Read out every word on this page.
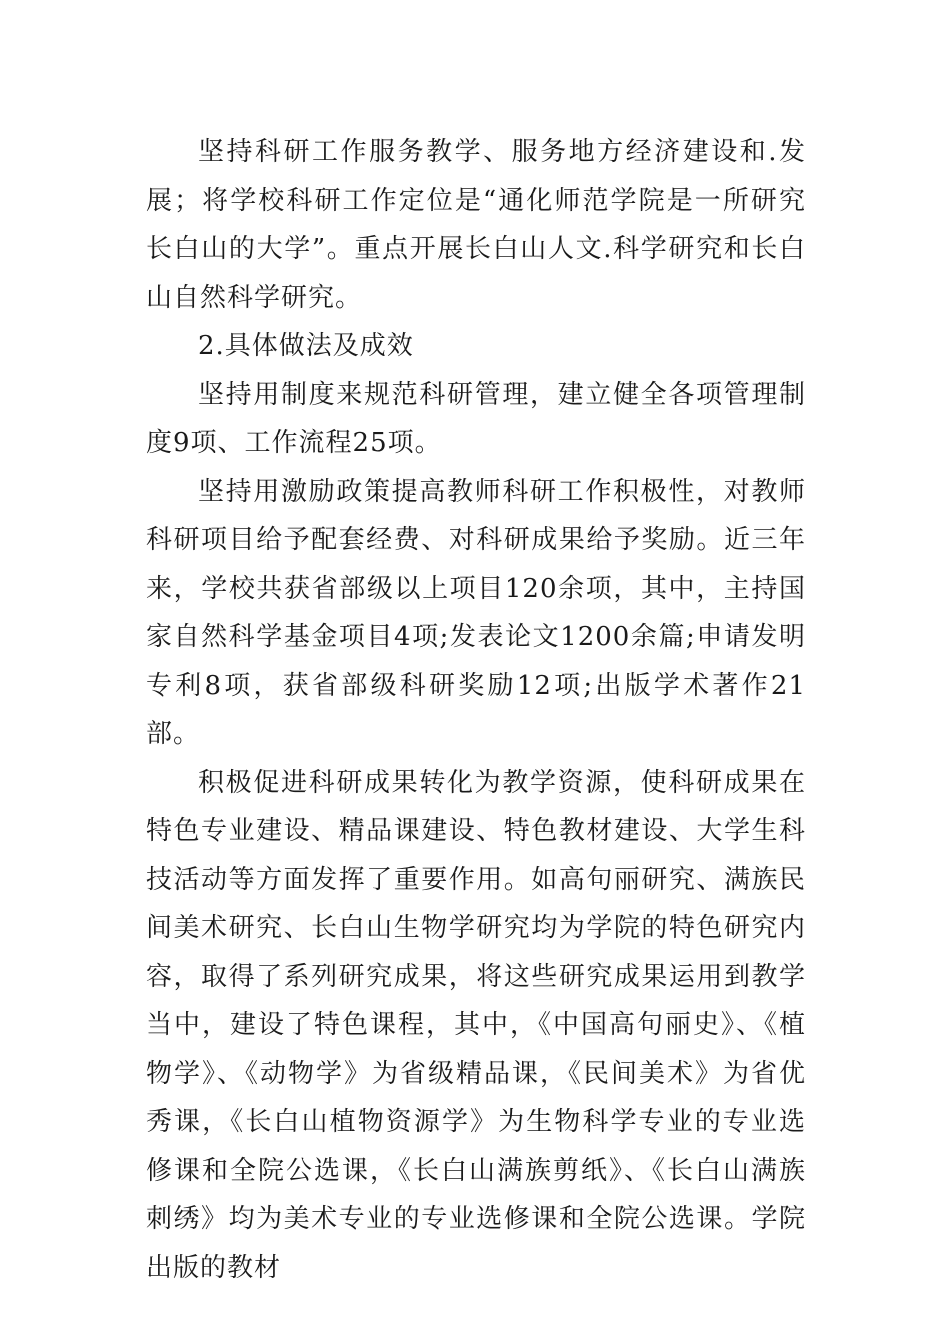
坚持科研工作服务教学、服务地方经济建设和.发展；将学校科研工作定位是“通化师范学院是一所研究长白山的大学”。重点开展长白山人文.科学研究和长白山自然科学研究。

2.具体做法及成效

坚持用制度来规范科研管理，建立健全各项管理制度9项、工作流程25项。

坚持用激励政策提高教师科研工作积极性，对教师科研项目给予配套经费、对科研成果给予奖励。近三年来，学校共获省部级以上项目120余项，其中，主持国家自然科学基金项目4项;发表论文1200余篇;申请发明专利8项，获省部级科研奖励12项;出版学术著作21部。

积极促进科研成果转化为教学资源，使科研成果在特色专业建设、精品课建设、特色教材建设、大学生科技活动等方面发挥了重要作用。如高句丽研究、满族民间美术研究、长白山生物学研究均为学院的特色研究内容，取得了系列研究成果，将这些研究成果运用到教学当中，建设了特色课程，其中，《中国高句丽史》、《植物学》、《动物学》为省级精品课，《民间美术》为省优秀课，《长白山植物资源学》为生物科学专业的专业选修课和全院公选课，《长白山满族剪纸》、《长白山满族刺绣》均为美术专业的专业选修课和全院公选课。学院出版的教材
